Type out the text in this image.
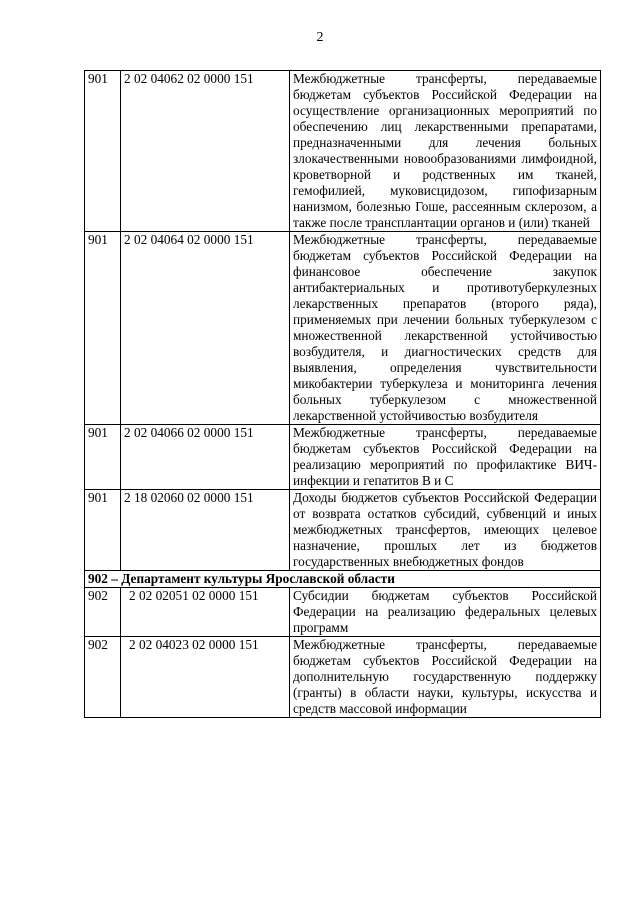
2
901	2 02 04062 02 0000 151	Межбюджетные трансферты, передаваемые бюджетам субъектов Российской Федерации на осуществление организационных мероприятий по обеспечению лиц лекарственными препаратами, предназначенными для лечения больных злокачественными новообразованиями лимфоидной, кроветворной и родственных им тканей, гемофилией, муковисцидозом, гипофизарным нанизмом, болезнью Гоше, рассеянным склерозом, а также после трансплантации органов и (или) тканей
901	2 02 04064 02 0000 151	Межбюджетные трансферты, передаваемые бюджетам субъектов Российской Федерации на финансовое обеспечение закупок антибактериальных и противотуберкулезных лекарственных препаратов (второго ряда), применяемых при лечении больных туберкулезом с множественной лекарственной устойчивостью возбудителя, и диагностических средств для выявления, определения чувствительности микобактерии туберкулеза и мониторинга лечения больных туберкулезом с множественной лекарственной устойчивостью возбудителя
901	2 02 04066 02 0000 151	Межбюджетные трансферты, передаваемые бюджетам субъектов Российской Федерации на реализацию мероприятий по профилактике ВИЧ-инфекции и гепатитов В и С
901	2 18 02060 02 0000 151	Доходы бюджетов субъектов Российской Федерации от возврата остатков субсидий, субвенций и иных межбюджетных трансфертов, имеющих целевое назначение, прошлых лет из бюджетов государственных внебюджетных фондов
902 – Департамент культуры Ярославской области		
902	2 02 02051 02 0000 151	Субсидии бюджетам субъектов Российской Федерации на реализацию федеральных целевых программ
902	2 02 04023 02 0000 151	Межбюджетные трансферты, передаваемые бюджетам субъектов Российской Федерации на дополнительную государственную поддержку (гранты) в области науки, культуры, искусства и средств массовой информации
